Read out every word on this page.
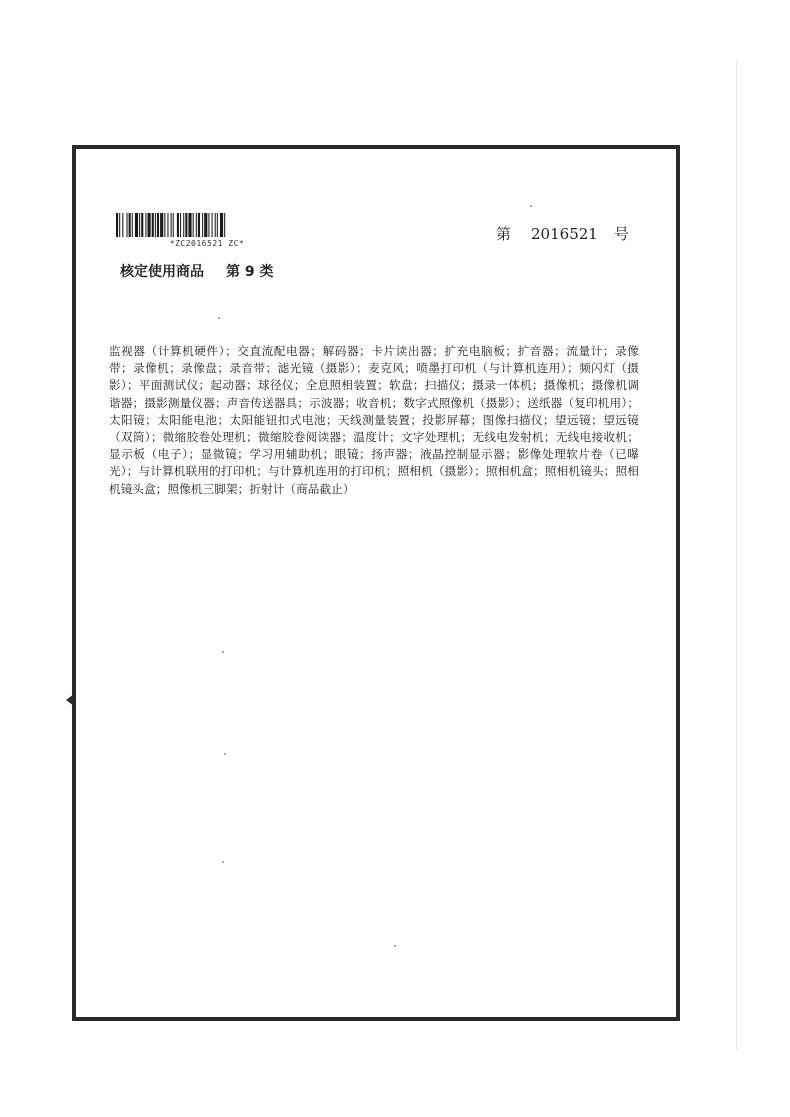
*ZC2016521 ZC*
第 2016521 号
核定使用商品 第 9 类
监视器（计算机硬件）；交直流配电器；解码器；卡片读出器；扩充电脑板；扩音器；流量计；录像带；录像机；录像盘；录音带；滤光镜（摄影）；麦克风；喷墨打印机（与计算机连用）；频闪灯（摄影）；平面测试仪；起动器；球径仪；全息照相装置；软盘；扫描仪；摄录一体机；摄像机；摄像机调谐器；摄影测量仪器；声音传送器具；示波器；收音机；数字式照像机（摄影）；送纸器（复印机用）；太阳镜；太阳能电池；太阳能钮扣式电池；天线测量装置；投影屏幕；图像扫描仪；望远镜；望远镜（双筒）；微缩胶卷处理机；微缩胶卷阅读器；温度计；文字处理机；无线电发射机；无线电接收机；显示板（电子）；显微镜；学习用辅助机；眼镜；扬声器；液晶控制显示器；影像处理软片卷（已曝光）；与计算机联用的打印机；与计算机连用的打印机；照相机（摄影）；照相机盒；照相机镜头；照相机镜头盒；照像机三脚架；折射计（商品截止）
